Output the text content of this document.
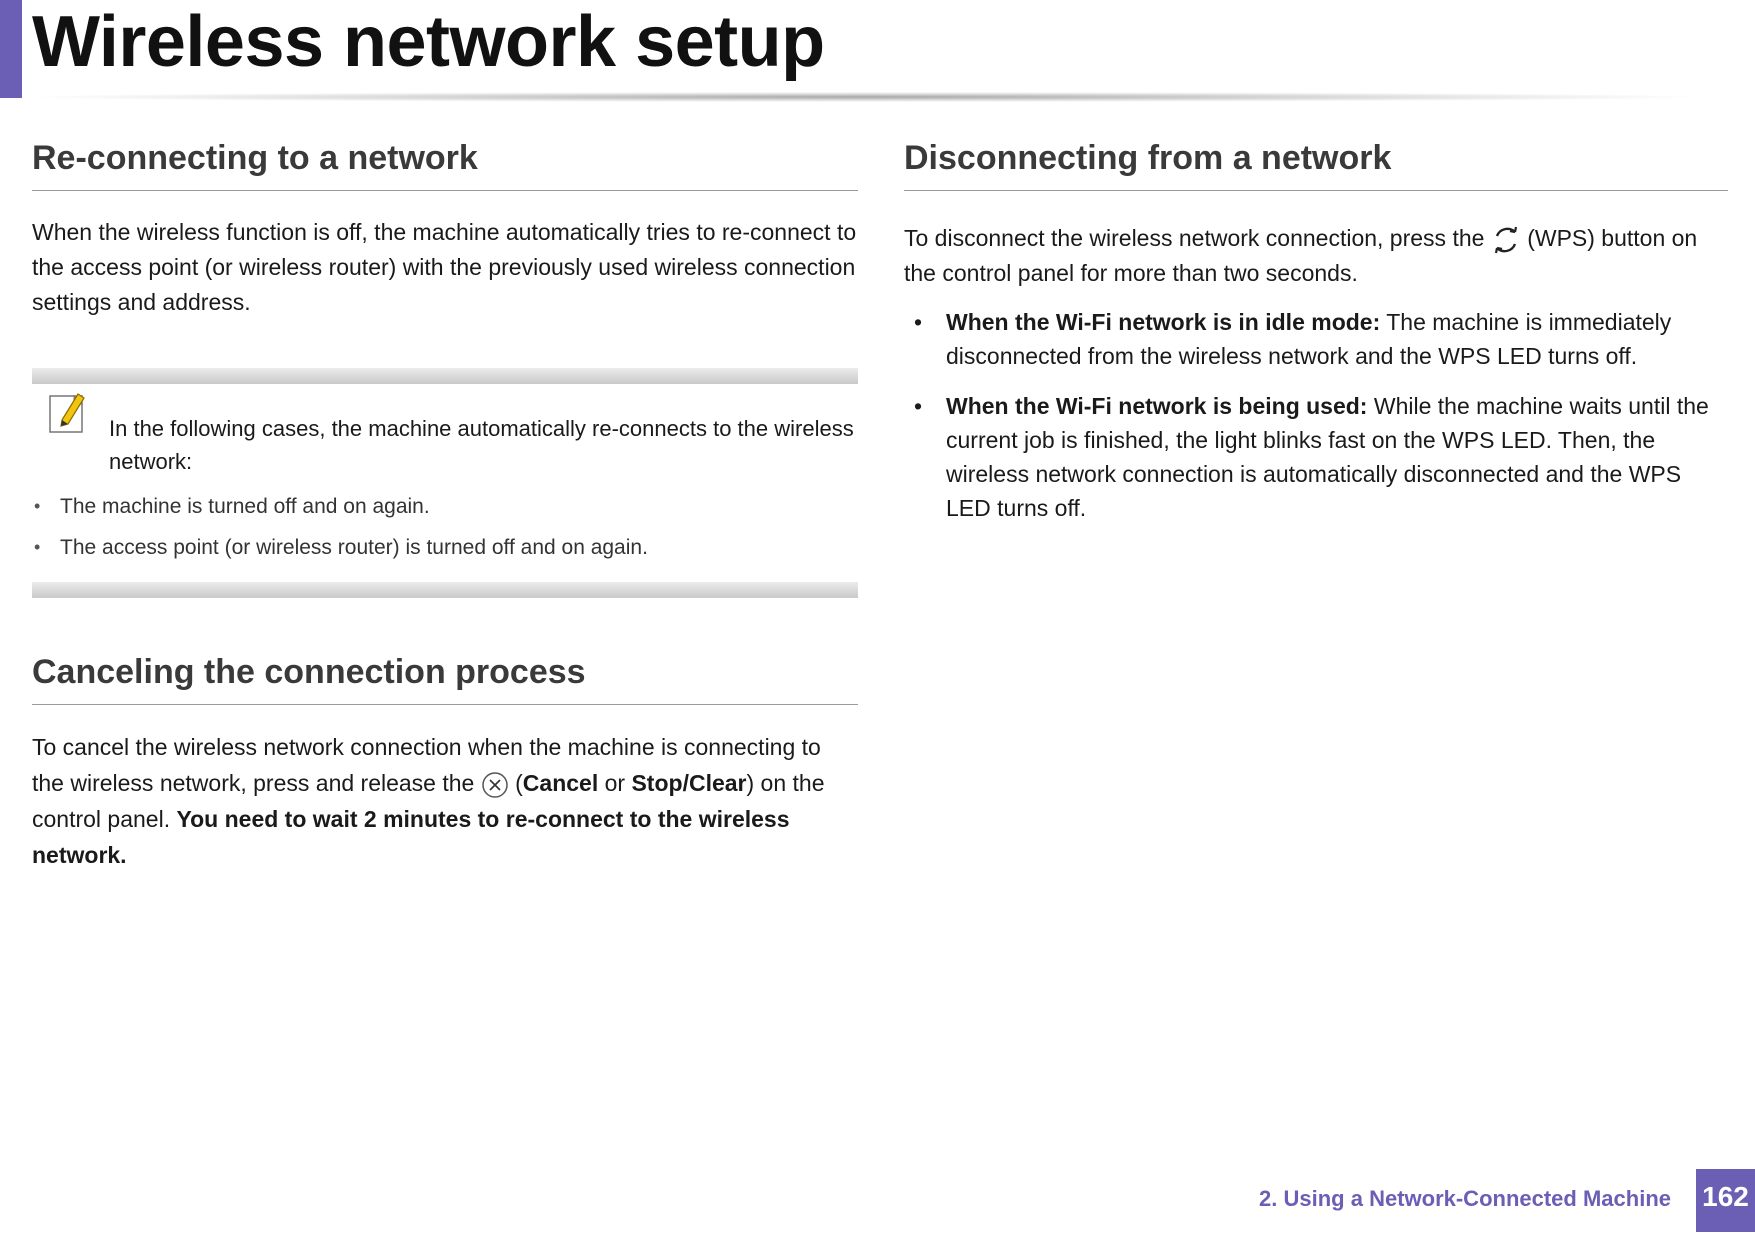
Wireless network setup
Re-connecting to a network

When the wireless function is off, the machine automatically tries to re-connect to the access point (or wireless router) with the previously used wireless connection settings and address.

In the following cases, the machine automatically re-connects to the wireless network:
• The machine is turned off and on again.
• The access point (or wireless router) is turned off and on again.
Canceling the connection process

To cancel the wireless network connection when the machine is connecting to the wireless network, press and release the  (Cancel or Stop/Clear) on the control panel. You need to wait 2 minutes to re-connect to the wireless network.

Disconnecting from a network

To disconnect the wireless network connection, press the  (WPS) button on the control panel for more than two seconds.

• When the Wi-Fi network is in idle mode: The machine is immediately disconnected from the wireless network and the WPS LED turns off.
• When the Wi-Fi network is being used: While the machine waits until the current job is finished, the light blinks fast on the WPS LED. Then, the wireless network connection is automatically disconnected and the WPS LED turns off.
2. Using a Network-Connected Machine 162
